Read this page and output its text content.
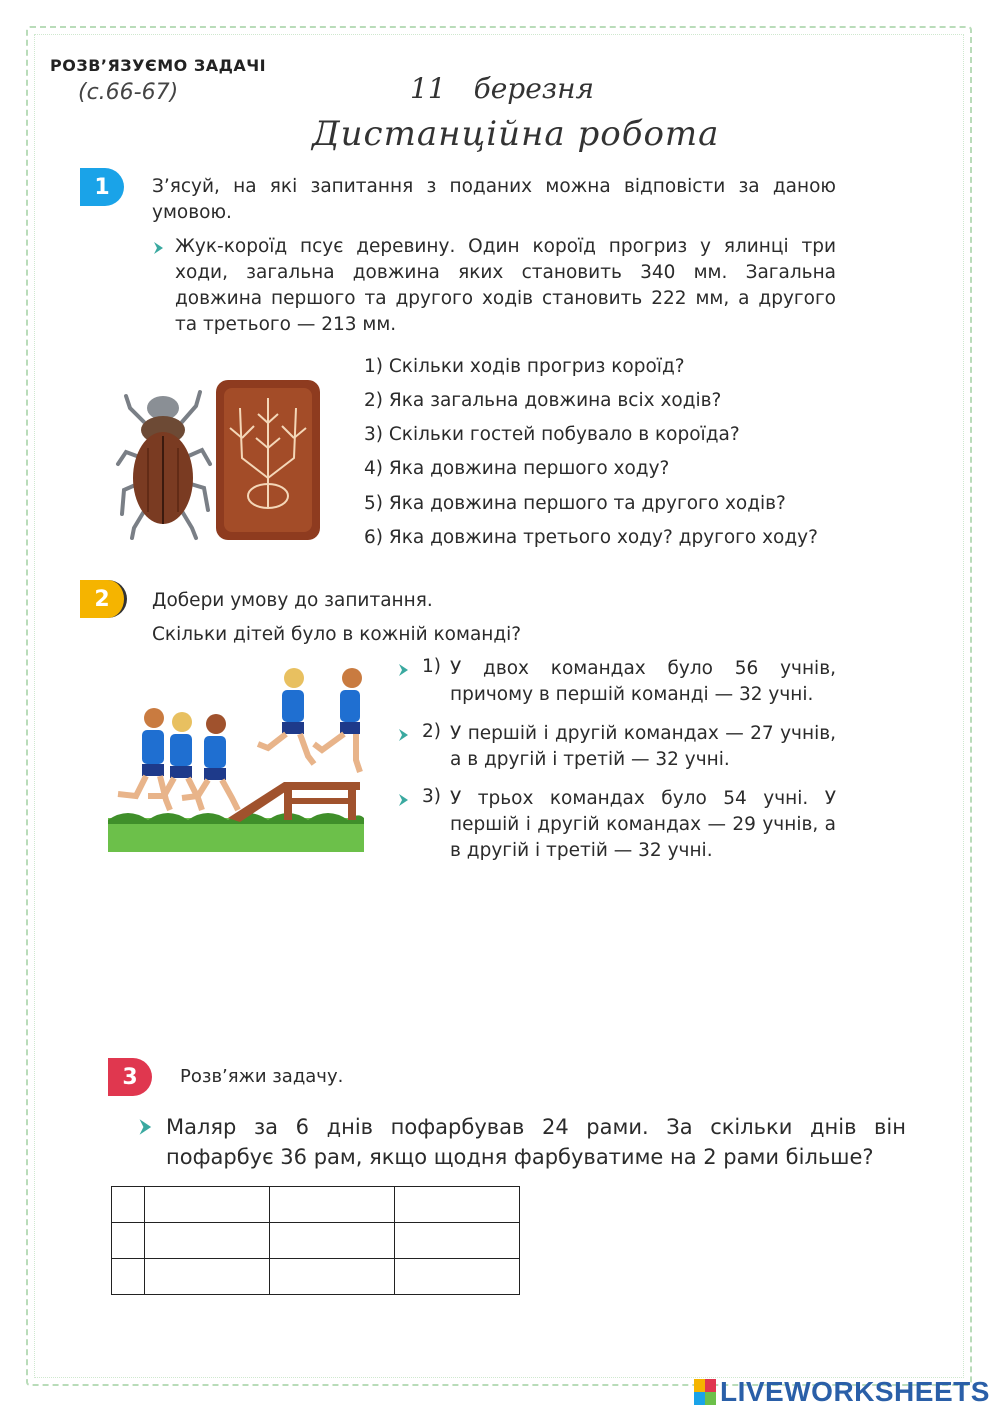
РОЗВ’ЯЗУЄМО ЗАДАЧІ
(с.66-67)	11 березня
Дистанційна робота
1	З’ясуй, на які запитання з поданих можна відповісти за даною умовою.
Жук-короїд псує деревину. Один короїд прогриз у ялинці три ходи, загальна довжина яких становить 340 мм. Загальна довжина першого та другого ходів становить 222 мм, а другого та третього — 213 мм.
1) Скільки ходів прогриз короїд?
2) Яка загальна довжина всіх ходів?
3) Скільки гостей побувало в короїда?
4) Яка довжина першого ходу?
5) Яка довжина першого та другого ходів?
6) Яка довжина третього ходу? другого ходу?
2	Добери умову до запитання.
Скільки дітей було в кожній команді?
1) У двох командах було 56 учнів, причому в першій команді — 32 учні.
2) У першій і другій командах — 27 учнів, а в другій і третій — 32 учні.
3) У трьох командах було 54 учні. У першій і другій командах — 29 учнів, а в другій і третій — 32 учні.
3	Розв’яжи задачу.
Маляр за 6 днів пофарбував 24 рами. За скільки днів він пофарбує 36 рам, якщо щодня фарбуватиме на 2 рами більше?

LIVEWORKSHEETS
